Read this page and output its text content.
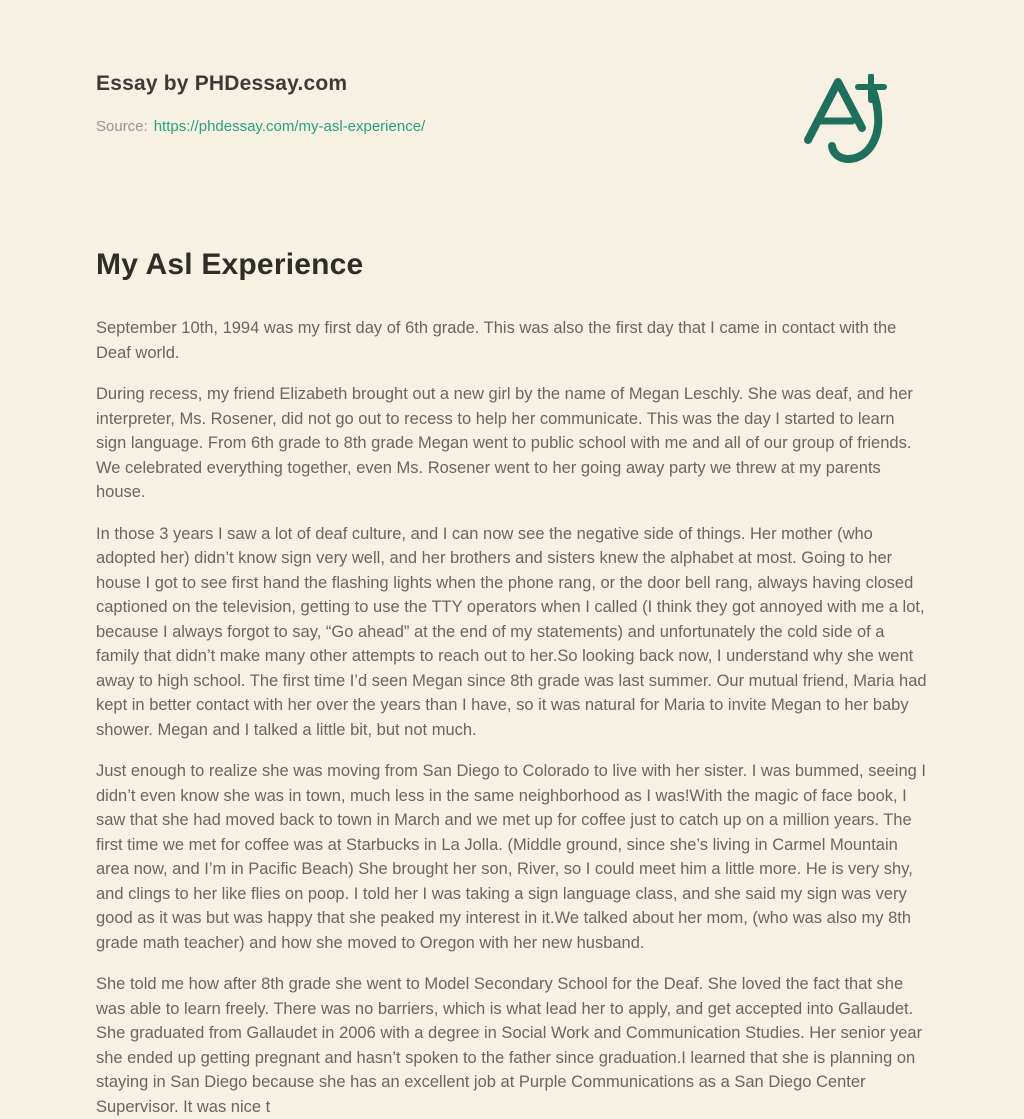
Essay by PHDessay.com
Source: https://phdessay.com/my-asl-experience/
My Asl Experience

September 10th, 1994 was my first day of 6th grade. This was also the first day that I came in contact with the Deaf world.

During recess, my friend Elizabeth brought out a new girl by the name of Megan Leschly. She was deaf, and her interpreter, Ms. Rosener, did not go out to recess to help her communicate. This was the day I started to learn sign language. From 6th grade to 8th grade Megan went to public school with me and all of our group of friends. We celebrated everything together, even Ms. Rosener went to her going away party we threw at my parents house.

In those 3 years I saw a lot of deaf culture, and I can now see the negative side of things. Her mother (who adopted her) didn’t know sign very well, and her brothers and sisters knew the alphabet at most. Going to her house I got to see first hand the flashing lights when the phone rang, or the door bell rang, always having closed captioned on the television, getting to use the TTY operators when I called (I think they got annoyed with me a lot, because I always forgot to say, “Go ahead” at the end of my statements) and unfortunately the cold side of a family that didn’t make many other attempts to reach out to her.So looking back now, I understand why she went away to high school. The first time I’d seen Megan since 8th grade was last summer. Our mutual friend, Maria had kept in better contact with her over the years than I have, so it was natural for Maria to invite Megan to her baby shower. Megan and I talked a little bit, but not much.

Just enough to realize she was moving from San Diego to Colorado to live with her sister. I was bummed, seeing I didn’t even know she was in town, much less in the same neighborhood as I was!With the magic of face book, I saw that she had moved back to town in March and we met up for coffee just to catch up on a million years. The first time we met for coffee was at Starbucks in La Jolla. (Middle ground, since she’s living in Carmel Mountain area now, and I’m in Pacific Beach) She brought her son, River, so I could meet him a little more. He is very shy, and clings to her like flies on poop. I told her I was taking a sign language class, and she said my sign was very good as it was but was happy that she peaked my interest in it.We talked about her mom, (who was also my 8th grade math teacher) and how she moved to Oregon with her new husband.

She told me how after 8th grade she went to Model Secondary School for the Deaf. She loved the fact that she was able to learn freely. There was no barriers, which is what lead her to apply, and get accepted into Gallaudet. She graduated from Gallaudet in 2006 with a degree in Social Work and Communication Studies. Her senior year she ended up getting pregnant and hasn’t spoken to the father since graduation.I learned that she is planning on staying in San Diego because she has an excellent job at Purple Communications as a San Diego Center Supervisor. It was nice t
